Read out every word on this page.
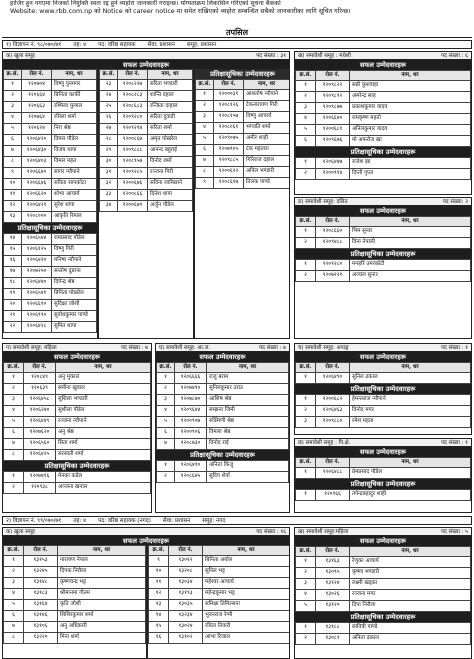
हाजिर हुन नगएमा निजको नियुक्ति स्वतः रद्द हुने व्यहोरा जानकारी गराइन्छ। योग्यताक्रम लिकासिन गरिएको सूचना बैंकको
Website: www.rbb.com.np को Notice को career notice मा समेत राखिएको व्यहोरा सम्बन्धित सबैको जानकारीका लागि सूचित गरिन्छ।
तपसिल
१) विज्ञापन नं. ९८/०७०/७१ तह: ४ पद: वरिष्ठ सहायक सेवा: प्रशासन समूह: प्रशासन
क) खुला समूह	पद संख्या : ३१
सफल उम्मेदवारहरू
क्र.सं.	रोल नं.	नाम, थर
१	१२०७०४	विष्णु पुनमगर
२	१२०६६४	बिनिता कार्की
३	१२०६६३	रश्मिला फुयाल
४	१२०७६४	रमिला शर्मा
५	१२०६२४	निरा श्रेष्ठ
६	१२०६४२०	विमल पौडेल
७	१२०६४३०	विजय थापा
८	१२०६४०३	विमल महत
९	१२०६६४०	सागर न्यौपाने
१०	१२०६६४६	सविता सापकोटा
११	१२०६६२०	शोभा आचार्य
१२	१२०६४२९	सुरेश थापा
१३	१२०८०००	आकृति रिमाल
प्रतिक्षासूचिका उम्मेदवारहरू
१४	१२०६५४४	रामप्रसाद पौडेल
१५	१२०६१२५	विष्णु गिरी
१६	१२०६४२०	मनिषा न्यौपाने
१७	१२०७२५०	सन्तोष दुङाना
१८	१२०६४४०	दिपेन्द्र श्रेष्ठ
१९	१२०६५४१	बिनिता पोखरेल
२०	१२०६६९०	सुदिक्षा जोशी
२१	१२०६९९०	सुवोधकुमार पाण्डे
२२	१२०६४२८	सुमित थापा
क्र.सं.	रोल नं.	नाम, थर
२३	१२०८२२७	सरिता भण्डारी
२४	१२०८२८३	शान्ति दहाल
२५	१२०८६८३	रन्जिता दाहाल
२६	१२०९२८०	सरिता दुवाडी
२७	१२०९२१४	सरिता शर्मा
२८	१२००८६७	अमृत पोखरेल
२९	१२०९८८८	आनन्द बहुराई
३०	१२०८९५७	विनोद शर्मा
३१	१२०९२८५	रञ्जना गिरी
३२	१२००६७६	सविना लामिछाने
३३	१२००८६६	दिनेश थापा
३४	१२००६७९	अर्जुन पौडेल
प्रतिक्षासूचिका उम्मेदवारहरू
क्र.सं.	रोल नं.	नाम, थर
१	१२०००३१	आशतोष न्यौपाने
२	१२०८१२६	टेकनारायण गिरी
३	१२०८१५७	विष्णु आचार्य
४	१२०८०६१	भगवति शर्मा
५	१२०९०७५	अमीर शाही
६	१२०७९०५	टंक महतारा
७	१२०९८८५	गिरिराज दहाल
८	१२००६१२	अनिल भण्डारी
९	१२०८६१७	तिलक पाण्डे
ख) समावेशी समूह : मधेशी	पद संख्या : ६
सफल उम्मेदवारहरू
क्र.सं.	रोल नं.	नाम, थर
१	१२०९८२२	सन्नी कुशवाहा
२	१२०९८९२	अमरेन्द्र साह
३	१२०९८७७	प्रकाशकुमार यादव
४	१२०६६४०	रामकृष्ण महतो
५	१२००६८१	अनिलकुमार यादव
६	१२०९६७६	मो अफरोज खा
प्रतिक्षासूचिका उम्मेदवारहरू
१	१२०६४४७	राजेश झा
२	१२००९१४	दिप्ती गुप्ता
ङ) समावेशी समूह: दलित	पद संख्या: २
सफल उम्मेदवारहरू
क्र.सं.	रोल नं.	नाम, थर
१	१२०८६६०	भिम सुनार
२	१२०९४८८	विना नेपाली
प्रतिक्षासूचिका उम्मेदवारहरू
१	१२०९२८०	मनहरि उमरकोटी
२	१२०७२२१	अञ्चल सुनार
ग) समावेशी समूह: महिला	पद संख्या : ७
सफल उम्मेदवारहरू
क्र.सं.	रोल नं.	नाम, थर
१	१२०८४९	अनु मुकाल
२	१२०६३९	समीना खुवाल
३	१२०६४५८	सुशिला भण्डारी
४	१२०६२४०	सुशीला पौडेल
५	१२०६४४९	रञ्जना न्यौपाने
६	१२०७६२०	अनु श्रेष्ठ
७	१२०६५६०	सिता शर्मा
८	१२०६४२५	सरस्वती शर्मा
प्रतिक्षासूचिका उम्मेदवारहरू
१	१२०७४१६	मेनका कडेल
२	१२०९३८	अञ्जना खनाल
घ) समावेशी समूह: आ.ज.	पद संख्या : ७
सफल उम्मेदवारहरू
क्र.सं.	रोल नं.	नाम, थर
१	१२०६६६६	राजु बराम
२	१२०७४१०	सुनिलकुमार उराउ
३	१२०७८७०	आशिष श्रेष्ठ
४	१२०९६४४	सम्झना जिमी
५	१२००९०७	रुक्मिणी श्रेष्ठ
६	१२००९०६	विमला श्रेष्ठ
७	१२०८७३०	विनोद राई
प्रतिक्षासूचिका उम्मेदवारहरू
१	१२०६४१०	अनिता किंजु
२	१२०८६४५	सुदिप शेर्पा
च) समावेशी समूह: अपाङ्ग	पद संख्या : १
सफल उम्मेदवारहरू
क्र.सं.	रोल नं.	नाम, थर
१	१२०६४९०	सुनिल ढकाल
प्रतिक्षासूचिका उम्मेदवारहरू
१	१२००६८२	हेमन्तराज न्यौपाने
२	१२०६४६३	विनोद मगर
३	१२०९८८०	रमेश महता
छ) समावेशी समूह : पि.क्षे.	पद संख्या : १
सफल उम्मेदवारहरू
क्र.सं.	रोल नं.	नाम, थर
१	१२०६४८८	प्रेमप्रसाद पौडेल
प्रतिक्षासूचिका उम्मेदवारहरू
१	१२०९६६	तपेन्द्रबहादुर शाही
२) विज्ञापन नं. ९९/०७०/७१ तह: ४ पद: वरिष्ठ सहायक (नगद) सेवा: प्रशासन समूह: नगद
क) खुला समूह	पद संख्या : १६
सफल उम्मेदवारहरू
क्र.सं.	रोल नं.	नाम, थर
१	१३१५३	नारायण नेपाल
२	१३२४५	दिपक निरौला
३	१३१४८	कृष्णचन्द्र भट्ट
४	१३१८३	श्रीमानमा गौतम
५	१३१६४	कृति जोशी
६	१३१४६	शिशिरकुमार शर्मा
७	१३१०६	अनु अधिकारी
८	१३२२०	मिना शर्मा
क्र.सं.	रोल नं.	नाम, थर
९	१३०१२	बिनिता अर्याल
१०	१३२०८	सुनिल भट्ट
११	१३०३४	महेश्वर आचार्य
१२	१३१९३	महेन्द्रकुमार भट्ट
१३	१३०३५	समिक्षा तिमिल्सना
१४	१३२३४	भुवनराज रेग्मी
१५	१३०२४	रविता तिवारी
१६	१३१०२	आभा रिजाल
ख) समावेशी समूह:महिला	पद संख्या : ५
सफल उम्मेदवारहरू
क्र.सं.	रोल नं.	नाम, थर
१	१३१६३	रेणुका आचार्य
२	१३०९५	कृष्णा भण्डारी
३	१३१२४	लक्ष्मी खड्का
४	१३०२६	रञ्जना मगर
५	१३१२०	दिपा निरौला
प्रतिक्षासूचिका उम्मेदवारहरू
१	१३१८८	सावित्री पाण्डे
२	१३०८९	अनिता ढकाल
